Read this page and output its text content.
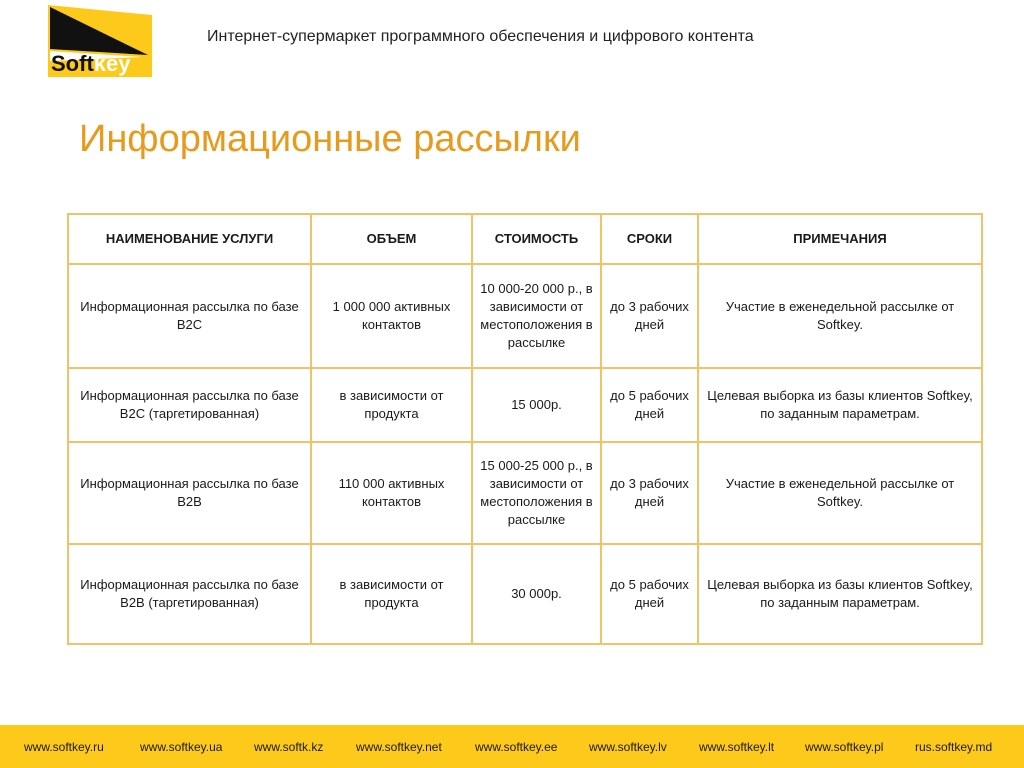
Softkey
Интернет-супермаркет программного обеспечения и цифрового контента
Информационные рассылки
НАИМЕНОВАНИЕ УСЛУГИ	ОБЪЕМ	СТОИМОСТЬ	СРОКИ	ПРИМЕЧАНИЯ
Информационная рассылка по базе B2C	1 000 000 активных контактов	10 000-20 000 р., в зависимости от местоположения в рассылке	до 3 рабочих дней	Участие в еженедельной рассылке от Softkey.
Информационная рассылка по базе B2C (таргетированная)	в зависимости от продукта	15 000р.	до 5 рабочих дней	Целевая выборка из базы клиентов Softkey, по заданным параметрам.
Информационная рассылка по базе B2B	110 000 активных контактов	15 000-25 000 р., в зависимости от местоположения в рассылке	до 3 рабочих дней	Участие в еженедельной рассылке от Softkey.
Информационная рассылка по базе B2B (таргетированная)	в зависимости от продукта	30 000р.	до 5 рабочих дней	Целевая выборка из базы клиентов Softkey, по заданным параметрам.
www.softkey.ru	www.softkey.ua	www.softk.kz	www.softkey.net	www.softkey.ee	www.softkey.lv	www.softkey.lt	www.softkey.pl	rus.softkey.md
